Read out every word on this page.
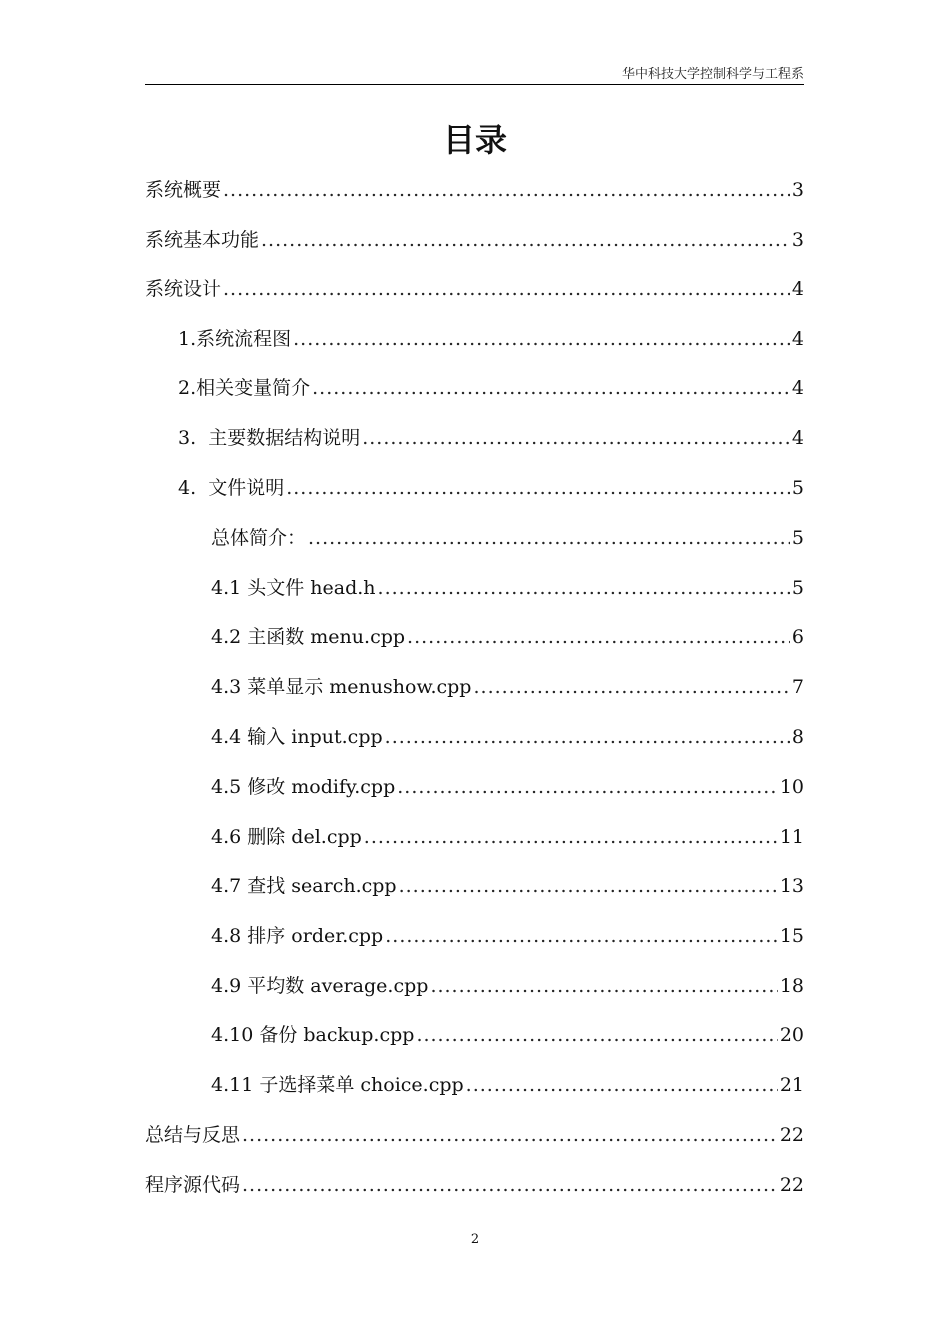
华中科技大学控制科学与工程系
目录
系统概要 .....	3
系统基本功能 .....	3
系统设计 .....	4
1.系统流程图 .....	4
2.相关变量简介 .....	4
3.  主要数据结构说明 .....	4
4.  文件说明 .....	5
总体简介： .....	5
4.1 头文件 head.h .....	5
4.2 主函数 menu.cpp .....	6
4.3 菜单显示 menushow.cpp .....	7
4.4 输入 input.cpp .....	8
4.5 修改 modify.cpp .....	10
4.6 删除 del.cpp .....	11
4.7 查找 search.cpp .....	13
4.8 排序 order.cpp .....	15
4.9 平均数 average.cpp .....	18
4.10 备份 backup.cpp .....	20
4.11 子选择菜单 choice.cpp .....	21
总结与反思 .....	22
程序源代码 .....	22
2
